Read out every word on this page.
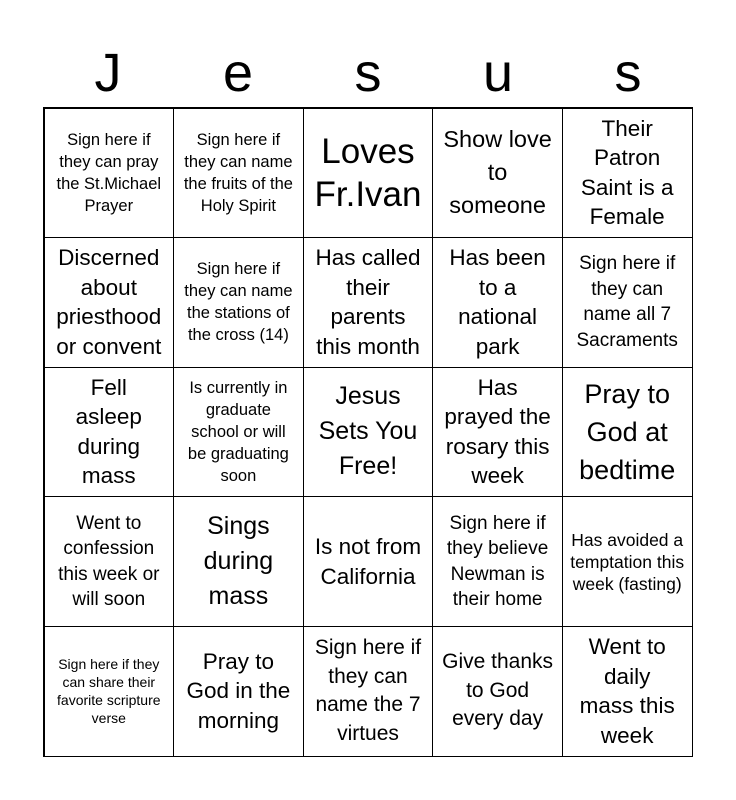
J	e	s	u	s
Sign here if they can pray the St.Michael Prayer
Sign here if they can name the fruits of the Holy Spirit
Loves Fr.Ivan
Show love to someone
Their Patron Saint is a Female
Discerned about priesthood or convent
Sign here if they can name the stations of the cross (14)
Has called their parents this month
Has been to a national park
Sign here if they can name all 7 Sacraments
Fell asleep during mass
Is currently in graduate school or will be graduating soon
Jesus Sets You Free!
Has prayed the rosary this week
Pray to God at bedtime
Went to confession this week or will soon
Sings during mass
Is not from California
Sign here if they believe Newman is their home
Has avoided a temptation this week (fasting)
Sign here if they can share their favorite scripture verse
Pray to God in the morning
Sign here if they can name the 7 virtues
Give thanks to God every day
Went to daily mass this week
